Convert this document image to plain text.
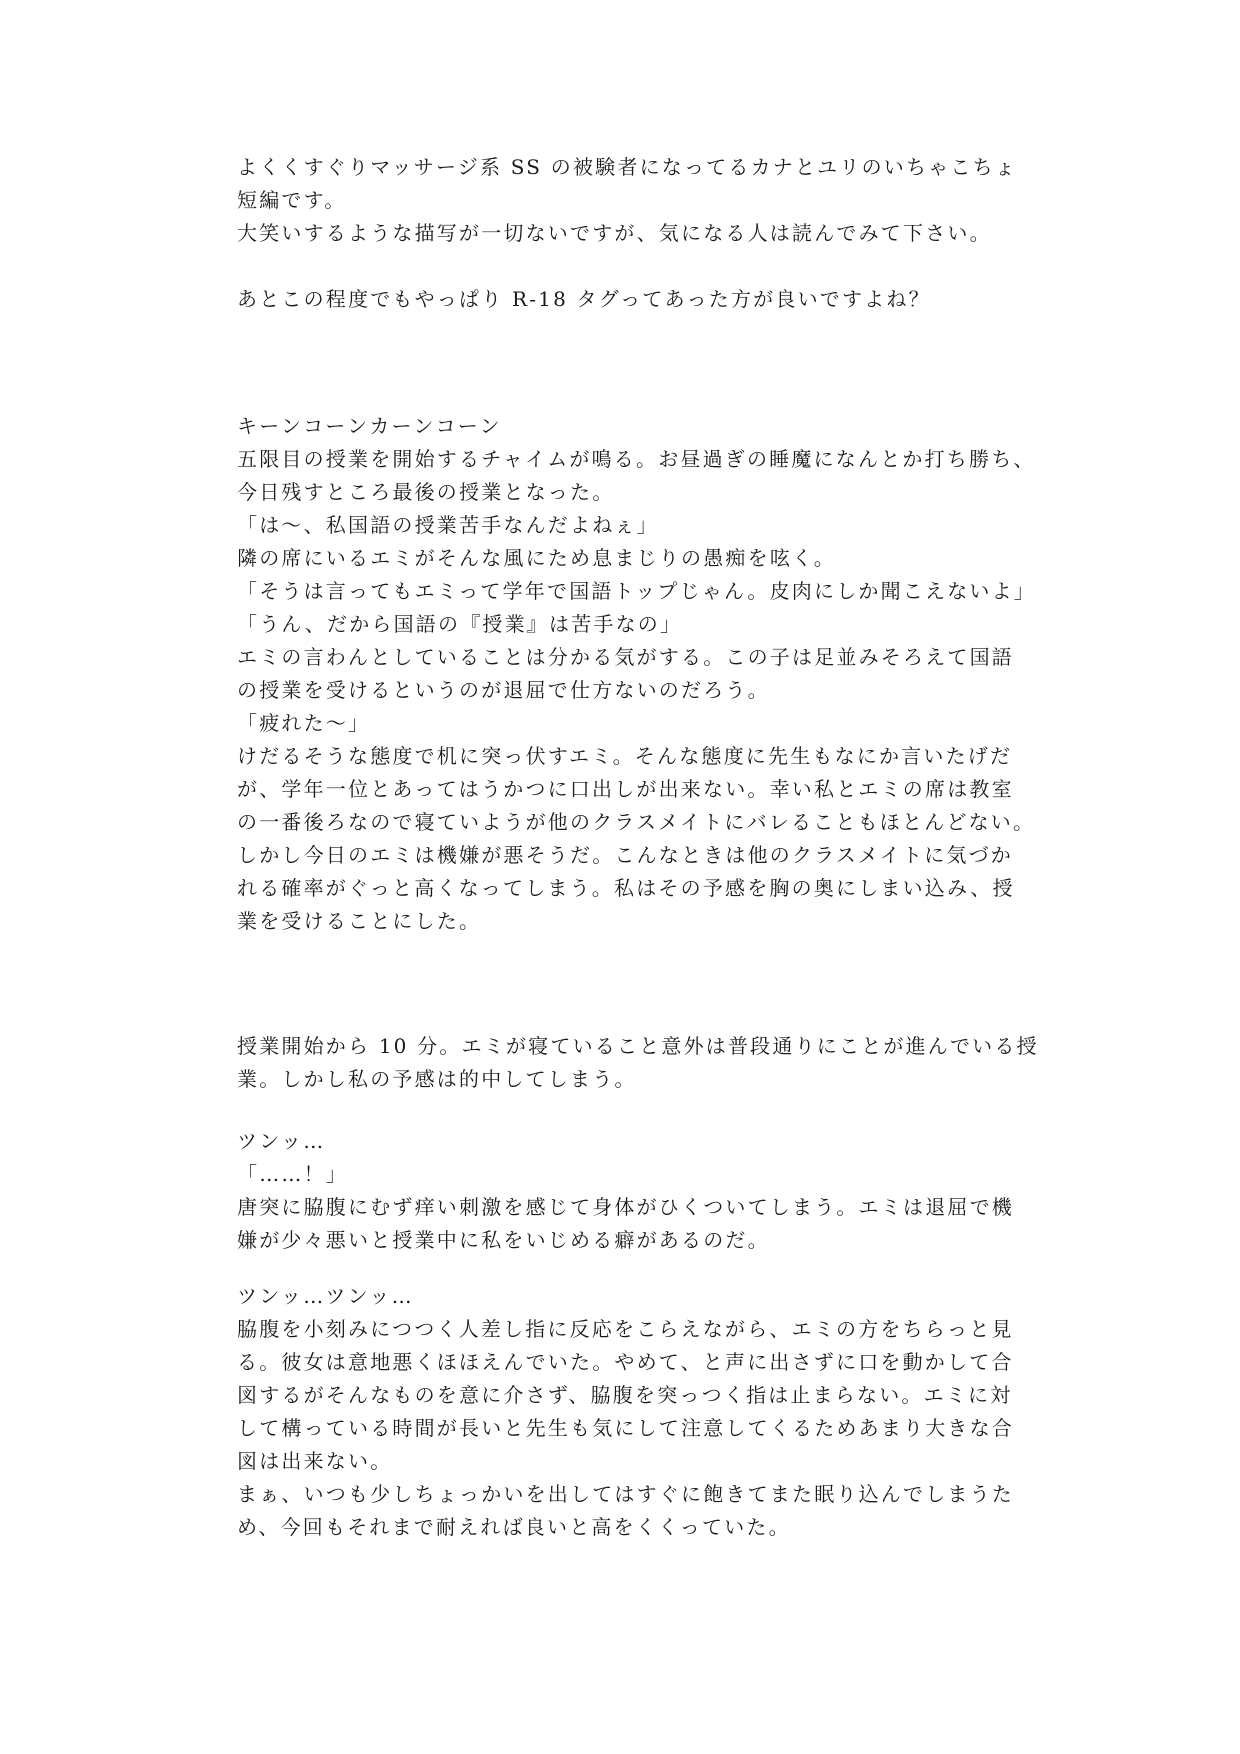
よくくすぐりマッサージ系 SS の被験者になってるカナとユリのいちゃこちょ
短編です。
大笑いするような描写が一切ないですが、気になる人は読んでみて下さい。
あとこの程度でもやっぱり R-18 タグってあった方が良いですよね？
キーンコーンカーンコーン
五限目の授業を開始するチャイムが鳴る。お昼過ぎの睡魔になんとか打ち勝ち、
今日残すところ最後の授業となった。
「は～、私国語の授業苦手なんだよねぇ」
隣の席にいるエミがそんな風にため息まじりの愚痴を呟く。
「そうは言ってもエミって学年で国語トップじゃん。皮肉にしか聞こえないよ」
「うん、だから国語の『授業』は苦手なの」
エミの言わんとしていることは分かる気がする。この子は足並みそろえて国語
の授業を受けるというのが退屈で仕方ないのだろう。
「疲れた～」
けだるそうな態度で机に突っ伏すエミ。そんな態度に先生もなにか言いたげだ
が、学年一位とあってはうかつに口出しが出来ない。幸い私とエミの席は教室
の一番後ろなので寝ていようが他のクラスメイトにバレることもほとんどない。
しかし今日のエミは機嫌が悪そうだ。こんなときは他のクラスメイトに気づか
れる確率がぐっと高くなってしまう。私はその予感を胸の奥にしまい込み、授
業を受けることにした。
授業開始から 10 分。エミが寝ていること意外は普段通りにことが進んでいる授
業。しかし私の予感は的中してしまう。
ツンッ…
「……！」
唐突に脇腹にむず痒い刺激を感じて身体がひくついてしまう。エミは退屈で機
嫌が少々悪いと授業中に私をいじめる癖があるのだ。
ツンッ…ツンッ…
脇腹を小刻みにつつく人差し指に反応をこらえながら、エミの方をちらっと見
る。彼女は意地悪くほほえんでいた。やめて、と声に出さずに口を動かして合
図するがそんなものを意に介さず、脇腹を突っつく指は止まらない。エミに対
して構っている時間が長いと先生も気にして注意してくるためあまり大きな合
図は出来ない。
まぁ、いつも少しちょっかいを出してはすぐに飽きてまた眠り込んでしまうた
め、今回もそれまで耐えれば良いと高をくくっていた。
